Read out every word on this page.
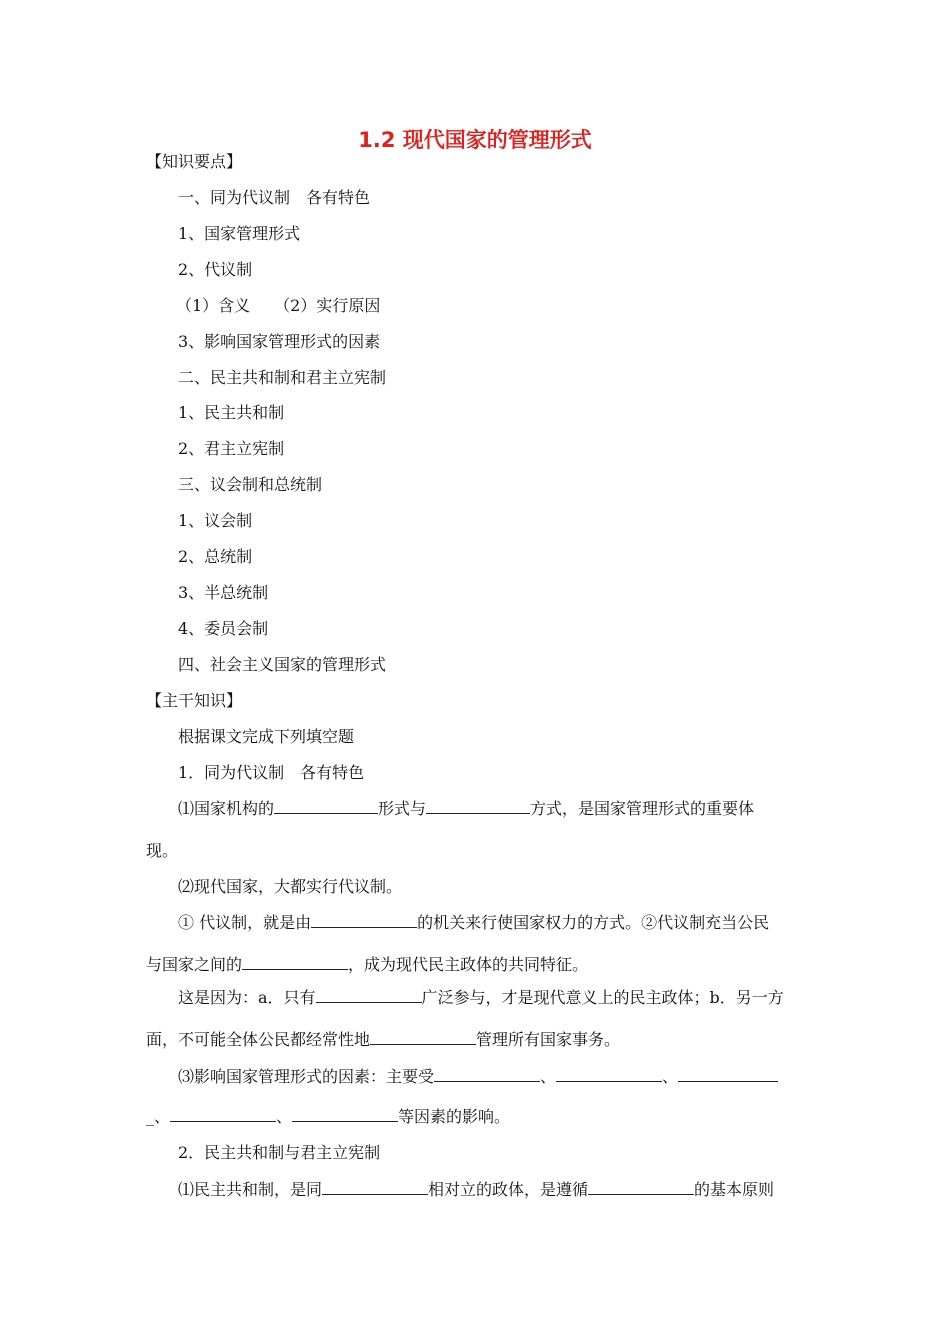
1.2 现代国家的管理形式
【知识要点】
一、同为代议制　各有特色
1、国家管理形式
2、代议制
（1）含义　　（2）实行原因
3、影响国家管理形式的因素
二、民主共和制和君主立宪制
1、民主共和制
2、君主立宪制
三、议会制和总统制
1、议会制
2、总统制
3、半总统制
4、委员会制
四、社会主义国家的管理形式
【主干知识】
根据课文完成下列填空题
1．同为代议制　各有特色
⑴国家机构的	形式与	方式，是国家管理形式的重要体
现。
⑵现代国家，大都实行代议制。
① 代议制，就是由	的机关来行使国家权力的方式。②代议制充当公民
与国家之间的	，成为现代民主政体的共同特征。
这是因为：a．只有	广泛参与，才是现代意义上的民主政体；b．另一方
面，不可能全体公民都经常性地	管理所有国家事务。
⑶影响国家管理形式的因素：主要受	、	、
_、	、	等因素的影响。
2．民主共和制与君主立宪制
⑴民主共和制，是同	相对立的政体，是遵循	的基本原则
